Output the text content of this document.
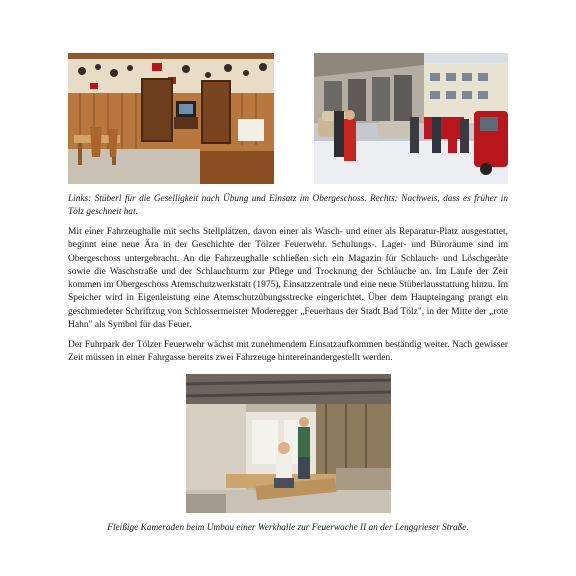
Links: Stüberl für die Geselligkeit nach Übung und Einsatz im Obergeschoss. Rechts: Nachweis, dass es früher in Tölz geschneit hat.

Mit einer Fahrzeughalle mit sechs Stellplätzen, davon einer als Wasch- und einer als Reparatur-Platz ausgestattet, beginnt eine neue Ära in der Geschichte der Tölzer Feuerwehr. Schulungs-. Lager- und Büroräume sind im Obergeschoss untergebracht. An die Fahrzeughalle schließen sich ein Magazin für Schlauch- und Löschgeräte sowie die Waschstraße und der Schlauchturm zur Pflege und Trocknung der Schläuche an. Im Laufe der Zeit kommen im Obergeschoss Atemschutzwerkstatt (1975), Einsatzzentrale und eine neue Stüberlausstattung hinzu. Im Speicher wird in Eigenleistung eine Atemschutzübungsstrecke eingerichtet. Über dem Haupteingang prangt ein geschmiedeter Schriftzug von Schlossermeister Moderegger „Feuerhaus der Stadt Bad Tölz", in der Mitte der „rote Hahn" als Symbol für das Feuer.

Der Fuhrpark der Tölzer Feuerwehr wächst mit zunehmendem Einsatzaufkommen beständig weiter. Nach gewisser Zeit müssen in einer Fahrgasse bereits zwei Fahrzeuge hintereinandergestellt werden.

Fleißige Kameraden beim Umbau einer Werkhalle zur Feuerwache II an der Lenggrieser Straße.
